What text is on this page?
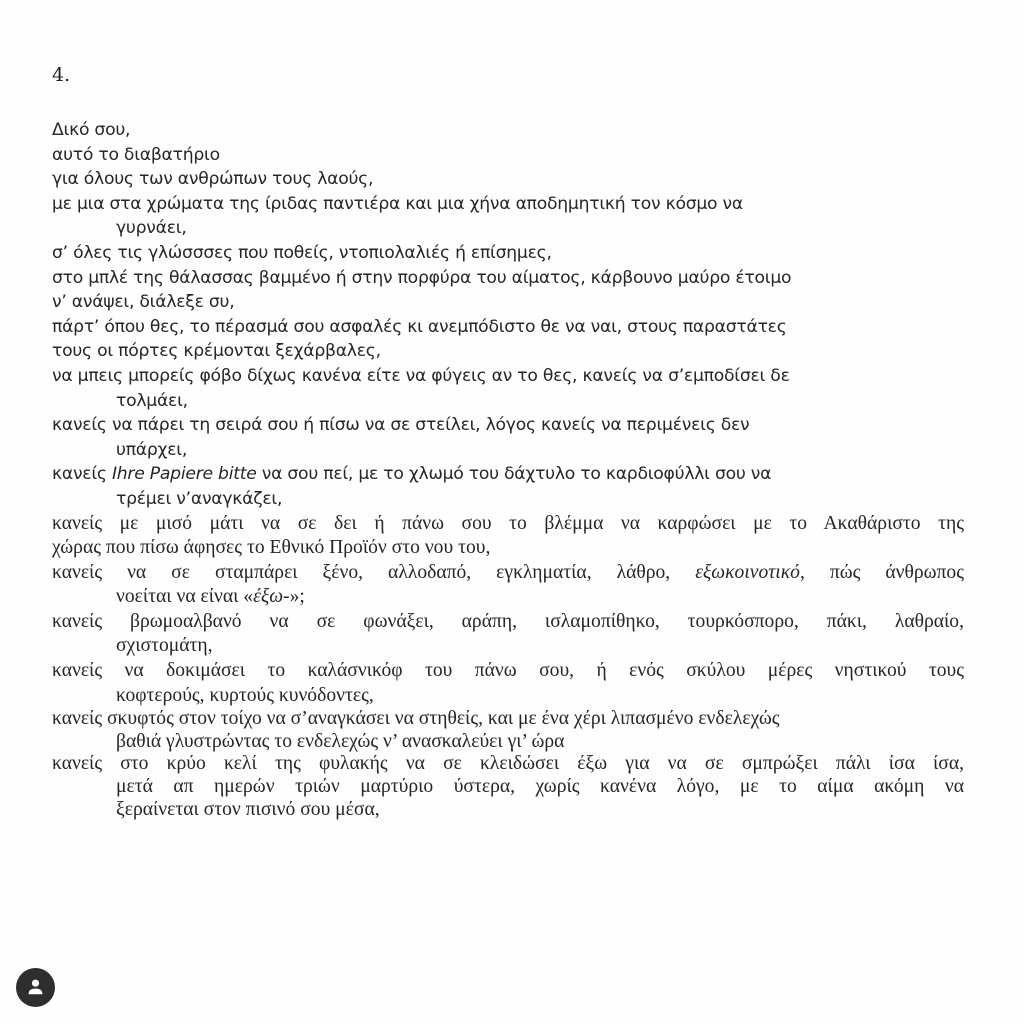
4.
Δικό σου,
αυτό το διαβατήριο
για όλους των ανθρώπων τους λαούς,
με μια στα χρώματα της ίριδας παντιέρα και μια χήνα αποδημητική τον κόσμο να
γυρνάει,
σ’ όλες τις γλώσσσες που ποθείς, ντοπιολαλιές ή επίσημες,
στο μπλέ της θάλασσας βαμμένο ή στην πορφύρα του αίματος, κάρβουνο μαύρο έτοιμο
ν’ ανάψει, διάλεξε συ,
πάρτ’ όπου θες, το πέρασμά σου ασφαλές κι ανεμπόδιστο θε να ναι, στους παραστάτες
τους οι πόρτες κρέμονται ξεχάρβαλες,
να μπεις μπορείς φόβο δίχως κανένα είτε να φύγεις αν το θες, κανείς να σ’εμποδίσει δε
τολμάει,
κανείς να πάρει τη σειρά σου ή πίσω να σε στείλει, λόγος κανείς να περιμένεις δεν
υπάρχει,
κανείς Ihre Papiere bitte να σου πεί, με το χλωμό του δάχτυλο το καρδιοφύλλι σου να
τρέμει ν’αναγκάζει,
κανείς με μισό μάτι να σε δει ή πάνω σου το βλέμμα να καρφώσει με το Ακαθάριστο της
χώρας που πίσω άφησες το Εθνικό Προϊόν στο νου του,
κανείς να σε σταμπάρει ξένο, αλλοδαπό, εγκληματία, λάθρο, εξωκοινοτικό, πώς άνθρωπος
νοείται να είναι «έξω-»;
κανείς βρωμοαλβανό να σε φωνάξει, αράπη, ισλαμοπίθηκο, τουρκόσπορο, πάκι, λαθραίο,
σχιστομάτη,
κανείς να δοκιμάσει το καλάσνικόφ του πάνω σου, ή ενός σκύλου μέρες νηστικού τους
κοφτερούς, κυρτούς κυνόδοντες,
κανείς σκυφτός στον τοίχο να σ’αναγκάσει να στηθείς, και με ένα χέρι λιπασμένο ενδελεχώς
βαθιά γλυστρώντας το ενδελεχώς ν’ ανασκαλεύει γι’ ώρα
κανείς στο κρύο κελί της φυλακής να σε κλειδώσει έξω για να σε σμπρώξει πάλι ίσα ίσα,
μετά απ ημερών τριών μαρτύριο ύστερα, χωρίς κανένα λόγο, με το αίμα ακόμη να
ξεραίνεται στον πισινό σου μέσα,
